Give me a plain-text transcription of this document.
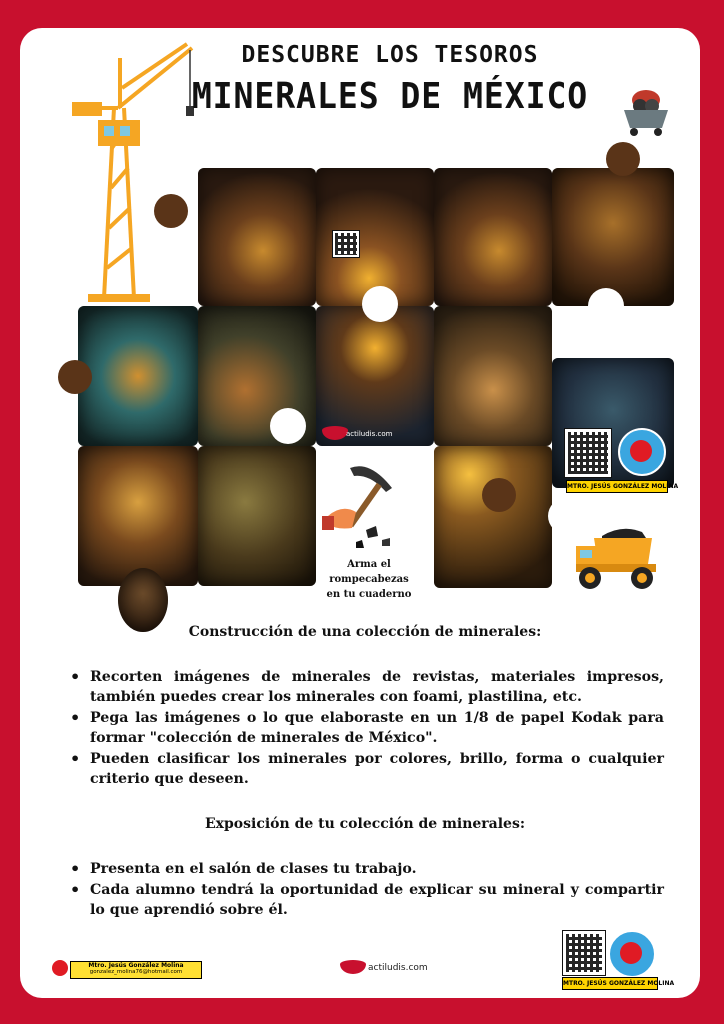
DESCUBRE LOS TESOROS
MINERALES DE MÉXICO
actiludis.com
MTRO. JESÚS GONZÁLEZ MOLINA
Arma el rompecabezas
en tu cuaderno
Construcción de una colección de minerales:
• Recorten imágenes de minerales de revistas, materiales impresos, también puedes crear los minerales con foami, plastilina, etc.
• Pega las imágenes o lo que elaboraste en un 1/8 de papel Kodak para formar "colección de minerales de México".
• Pueden clasificar los minerales por colores, brillo, forma o cualquier criterio que deseen.
Exposición de tu colección de minerales:
• Presenta en el salón de clases tu trabajo.
• Cada alumno tendrá la oportunidad de explicar su mineral y compartir lo que aprendió sobre él.
Mtro. Jesús González Molina
gonzalez_molina76@hotmail.com	actiludis.com
MTRO. JESÚS GONZÁLEZ MOLINA
